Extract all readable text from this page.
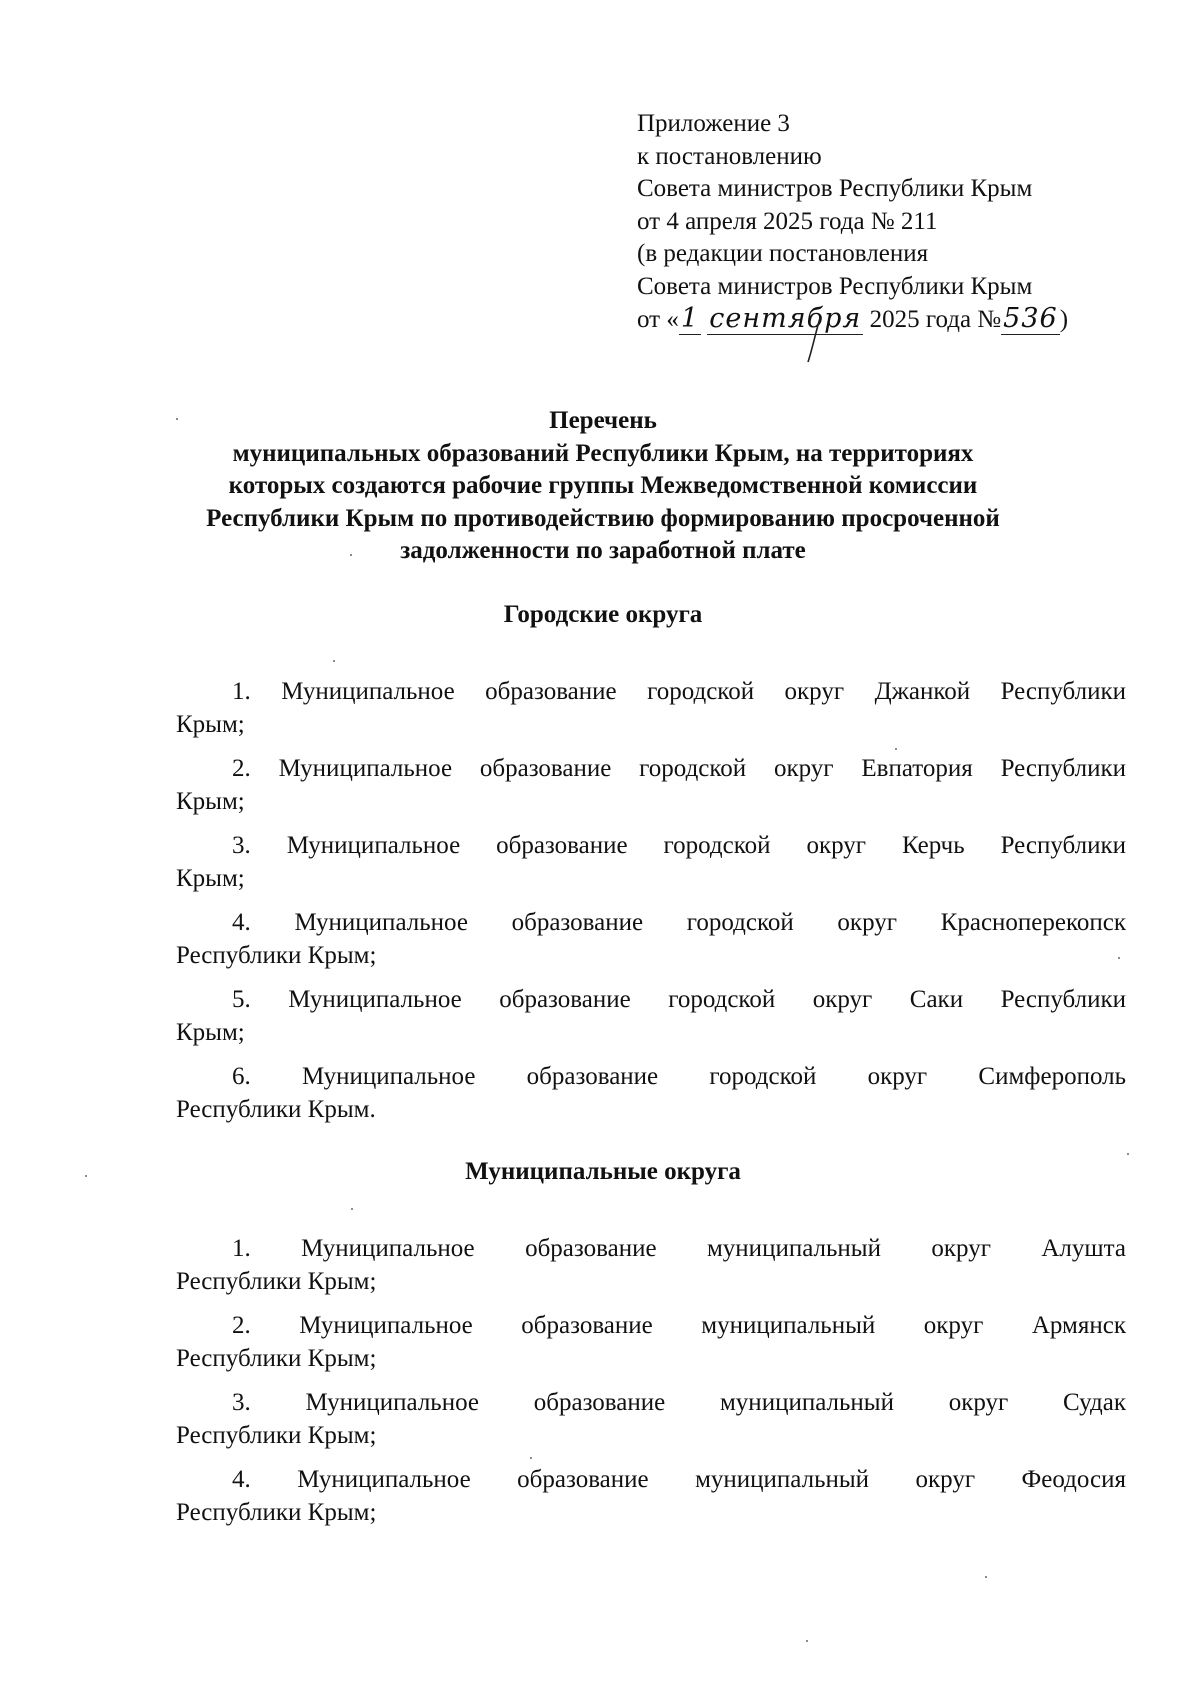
Приложение 3
к постановлению
Совета министров Республики Крым
от 4 апреля 2025 года № 211
(в редакции постановления
Совета министров Республики Крым
от «1 сентября 2025 года №536)
Перечень
муниципальных образований Республики Крым, на территориях
которых создаются рабочие группы Межведомственной комиссии
Республики Крым по противодействию формированию просроченной
задолженности по заработной плате
Городские округа
1. Муниципальное образование городской округ Джанкой Республики
Крым;
2. Муниципальное образование городской округ Евпатория Республики
Крым;
3. Муниципальное образование городской округ Керчь Республики
Крым;
4. Муниципальное образование городской округ Красноперекопск
Республики Крым;
5. Муниципальное образование городской округ Саки Республики
Крым;
6. Муниципальное образование городской округ Симферополь
Республики Крым.
Муниципальные округа
1. Муниципальное образование муниципальный округ Алушта
Республики Крым;
2. Муниципальное образование муниципальный округ Армянск
Республики Крым;
3. Муниципальное образование муниципальный округ Судак
Республики Крым;
4. Муниципальное образование муниципальный округ Феодосия
Республики Крым;
